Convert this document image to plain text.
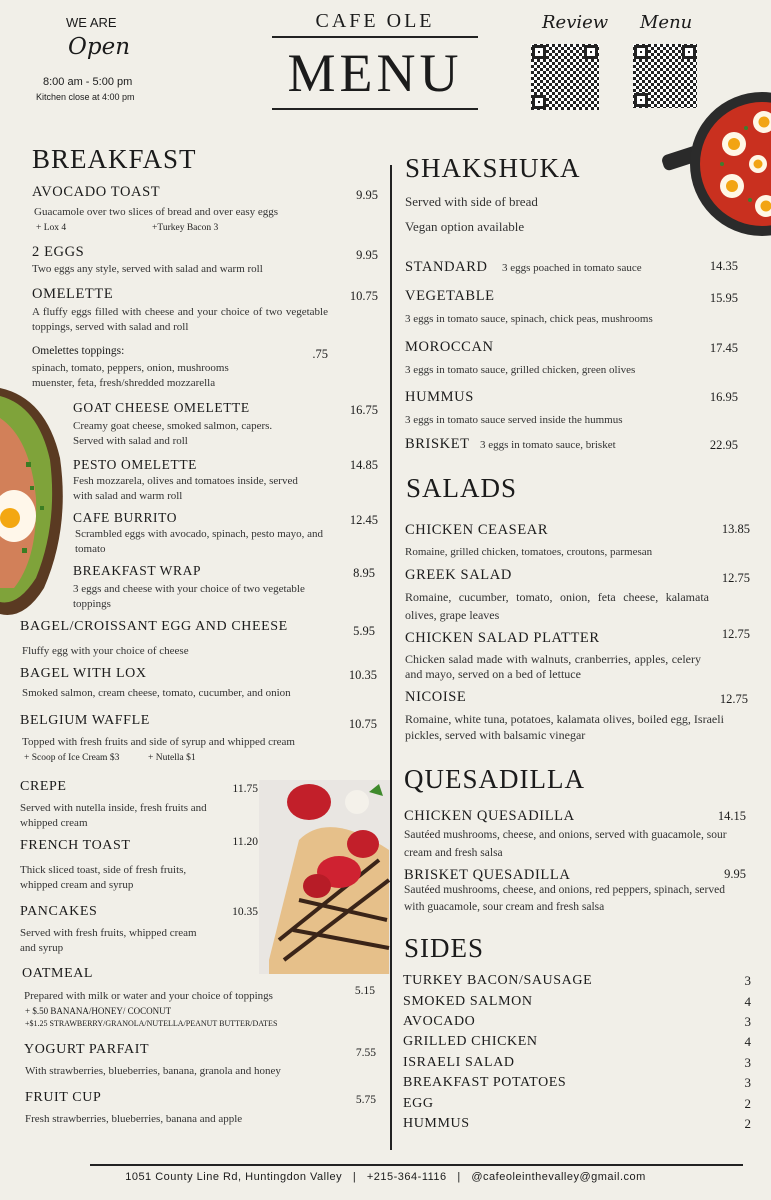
WE ARE
Open
8:00 am - 5:00 pm
Kitchen close at 4:00 pm
CAFE OLE
MENU
Review Menu
BREAKFAST
AVOCADO TOAST	9.95
Guacamole over two slices of bread and over easy eggs
+ Lox 4	+Turkey Bacon 3
2 EGGS	9.95
Two eggs any style, served with salad and warm roll
OMELETTE	10.75
A fluffy eggs filled with cheese and your choice of two vegetable toppings, served with salad and roll
Omelettes toppings:	.75
spinach, tomato, peppers, onion, mushrooms
muenster, feta, fresh/shredded mozzarella
GOAT CHEESE OMELETTE	16.75
Creamy goat cheese, smoked salmon, capers. Served with salad and roll
PESTO OMELETTE	14.85
Fesh mozzarela, olives and tomatoes inside, served with salad and warm roll
CAFE BURRITO	12.45
Scrambled eggs with avocado, spinach, pesto mayo, and tomato
BREAKFAST WRAP	8.95
3 eggs and cheese with your choice of two vegetable toppings
BAGEL/CROISSANT EGG AND CHEESE	5.95
Fluffy egg with your choice of cheese
BAGEL WITH LOX	10.35
Smoked salmon, cream cheese, tomato, cucumber, and onion
BELGIUM WAFFLE	10.75
Topped with fresh fruits and side of syrup and whipped cream
+ Scoop of Ice Cream $3	+ Nutella $1
CREPE	11.75
Served with nutella inside, fresh fruits and whipped cream
FRENCH TOAST	11.20
Thick sliced toast, side of fresh fruits, whipped cream and syrup
PANCAKES	10.35
Served with fresh fruits, whipped cream and syrup
OATMEAL
5.15
Prepared with milk or water and your choice of toppings
+ $.50 BANANA/HONEY/ COCONUT
+$1.25 STRAWBERRY/GRANOLA/NUTELLA/PEANUT BUTTER/DATES
YOGURT PARFAIT	7.55
With strawberries, blueberries, banana, granola and honey
FRUIT CUP	5.75
Fresh strawberries, blueberries, banana and apple
SHAKSHUKA
Served with side of bread
Vegan option available
STANDARD 3 eggs poached in tomato sauce	14.35
VEGETABLE	15.95
3 eggs in tomato sauce, spinach, chick peas, mushrooms
MOROCCAN	17.45
3 eggs in tomato sauce, grilled chicken, green olives
HUMMUS	16.95
3 eggs in tomato sauce served inside the hummus
BRISKET 3 eggs in tomato sauce, brisket	22.95
SALADS
CHICKEN CEASEAR	13.85
Romaine, grilled chicken, tomatoes, croutons, parmesan
GREEK SALAD	12.75
Romaine, cucumber, tomato, onion, feta cheese, kalamata olives, grape leaves
CHICKEN SALAD PLATTER	12.75
Chicken salad made with walnuts, cranberries, apples, celery and mayo, served on a bed of lettuce
NICOISE	12.75
Romaine, white tuna, potatoes, kalamata olives, boiled egg, Israeli pickles, served with balsamic vinegar
QUESADILLA
CHICKEN QUESADILLA	14.15
Sautéed mushrooms, cheese, and onions, served with guacamole, sour cream and fresh salsa
BRISKET QUESADILLA	9.95
Sautéed mushrooms, cheese, and onions, red peppers, spinach, served with guacamole, sour cream and fresh salsa
SIDES
TURKEY BACON/SAUSAGE	3
SMOKED SALMON	4
AVOCADO	3
GRILLED CHICKEN	4
ISRAELI SALAD	3
BREAKFAST POTATOES	3
EGG	2
HUMMUS	2
1051 County Line Rd, Huntingdon Valley   |   +215-364-1116   |   @cafeoleinthevalley@gmail.com
